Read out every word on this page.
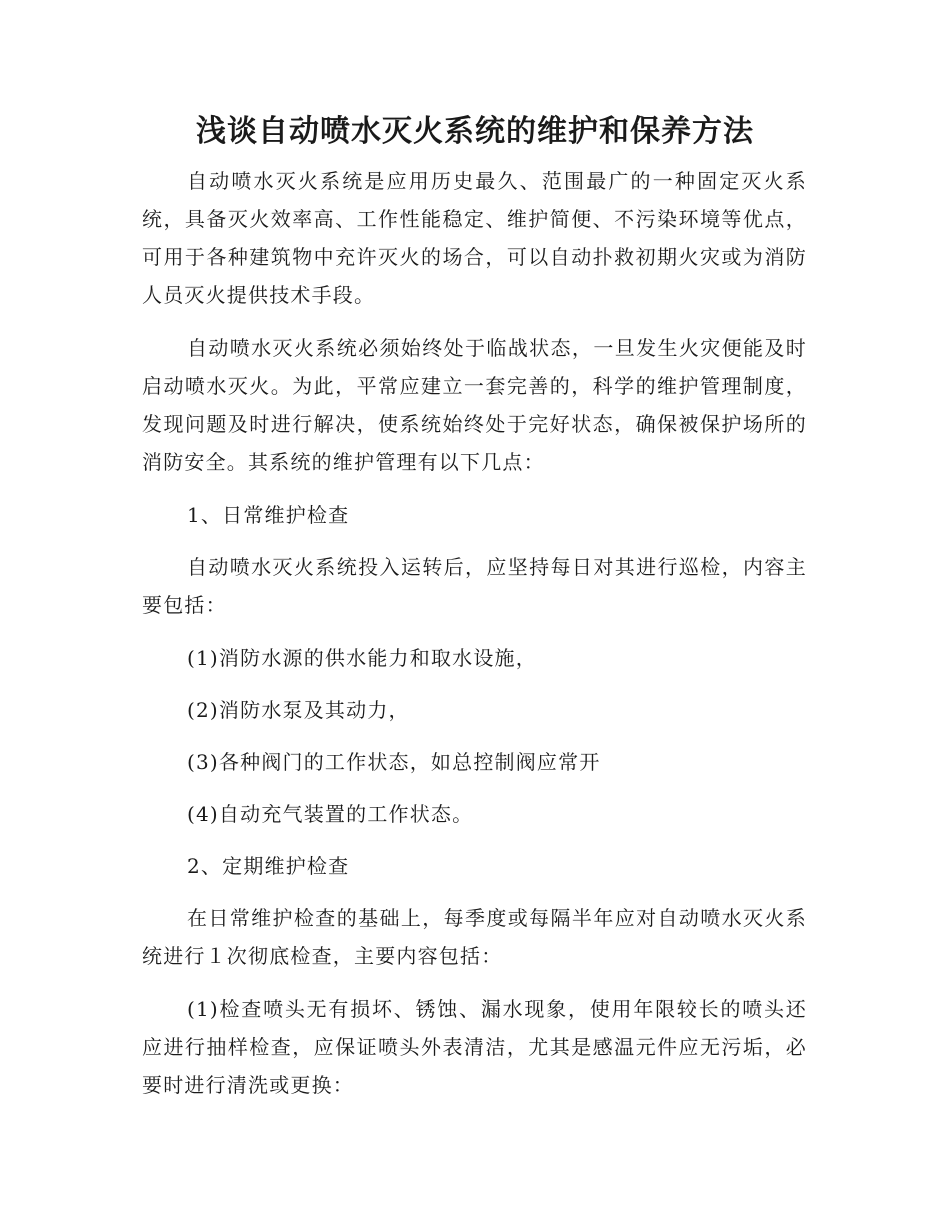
浅谈自动喷水灭火系统的维护和保养方法

自动喷水灭火系统是应用历史最久、范围最广的一种固定灭火系统，具备灭火效率高、工作性能稳定、维护简便、不污染环境等优点，可用于各种建筑物中充许灭火的场合，可以自动扑救初期火灾或为消防人员灭火提供技术手段。

自动喷水灭火系统必须始终处于临战状态，一旦发生火灾便能及时启动喷水灭火。为此，平常应建立一套完善的，科学的维护管理制度，发现问题及时进行解决，使系统始终处于完好状态，确保被保护场所的消防安全。其系统的维护管理有以下几点：

1、日常维护检查

自动喷水灭火系统投入运转后，应坚持每日对其进行巡检，内容主要包括：

(1)消防水源的供水能力和取水设施，

(2)消防水泵及其动力，

(3)各种阀门的工作状态，如总控制阀应常开

(4)自动充气装置的工作状态。

2、定期维护检查

在日常维护检查的基础上，每季度或每隔半年应对自动喷水灭火系统进行１次彻底检查，主要内容包括：

(1)检查喷头无有损坏、锈蚀、漏水现象，使用年限较长的喷头还应进行抽样检查，应保证喷头外表清洁，尤其是感温元件应无污垢，必要时进行清洗或更换：
